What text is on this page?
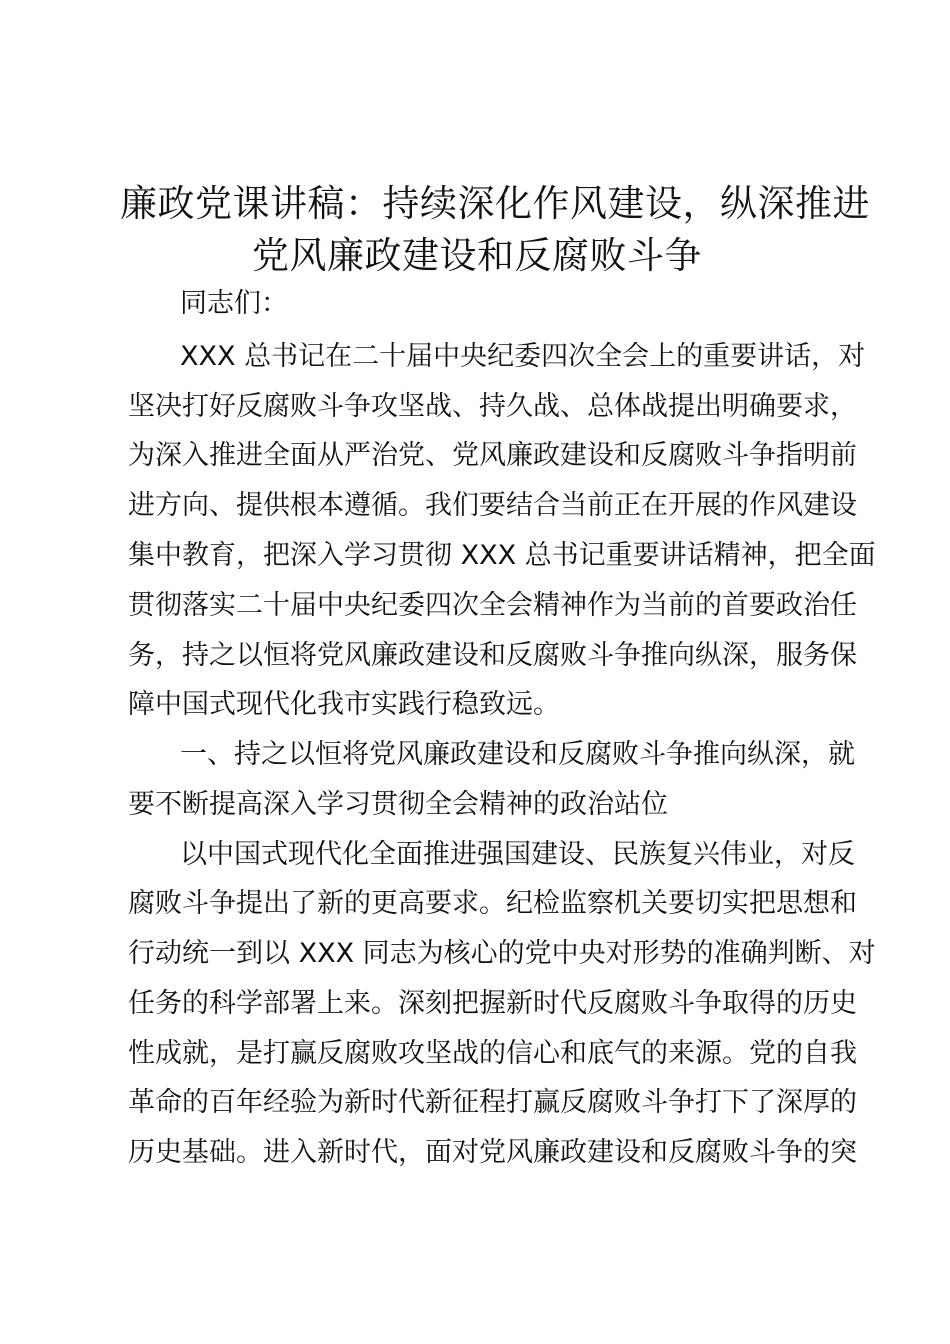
廉政党课讲稿：持续深化作风建设，纵深推进
党风廉政建设和反腐败斗争
同志们：
XXX 总书记在二十届中央纪委四次全会上的重要讲话，对
坚决打好反腐败斗争攻坚战、持久战、总体战提出明确要求，
为深入推进全面从严治党、党风廉政建设和反腐败斗争指明前
进方向、提供根本遵循。我们要结合当前正在开展的作风建设
集中教育，把深入学习贯彻 XXX 总书记重要讲话精神，把全面
贯彻落实二十届中央纪委四次全会精神作为当前的首要政治任
务，持之以恒将党风廉政建设和反腐败斗争推向纵深，服务保
障中国式现代化我市实践行稳致远。
一、持之以恒将党风廉政建设和反腐败斗争推向纵深，就
要不断提高深入学习贯彻全会精神的政治站位
以中国式现代化全面推进强国建设、民族复兴伟业，对反
腐败斗争提出了新的更高要求。纪检监察机关要切实把思想和
行动统一到以 XXX 同志为核心的党中央对形势的准确判断、对
任务的科学部署上来。深刻把握新时代反腐败斗争取得的历史
性成就，是打赢反腐败攻坚战的信心和底气的来源。党的自我
革命的百年经验为新时代新征程打赢反腐败斗争打下了深厚的
历史基础。进入新时代，面对党风廉政建设和反腐败斗争的突
